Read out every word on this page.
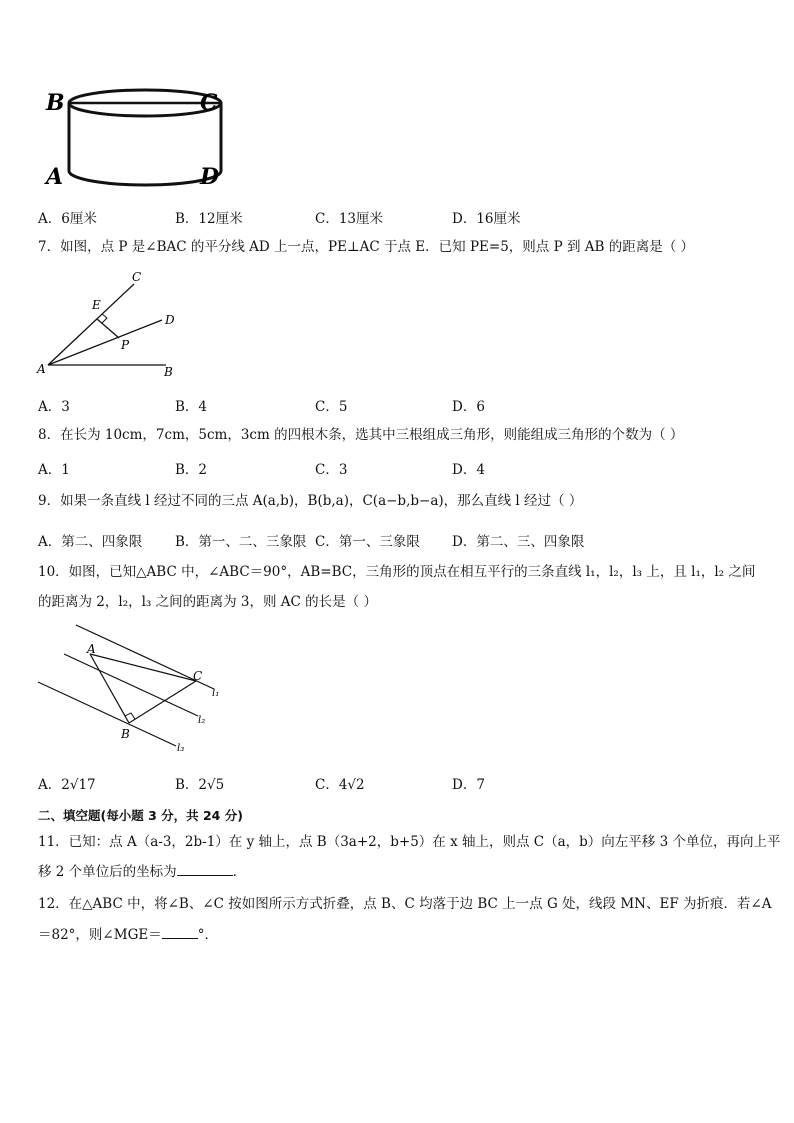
B	C
A	D
A．6厘米	B．12厘米	C．13厘米	D．16厘米
7．如图，点 P 是∠BAC 的平分线 AD 上一点，PE⊥AC 于点 E．已知 PE=5，则点 P 到 AB 的距离是（ ）
C
E
D
P
A	B
A．3	B．4	C．5	D．6
8．在长为 10cm，7cm，5cm，3cm 的四根木条，选其中三根组成三角形，则能组成三角形的个数为（ ）
A．1	B．2	C．3	D．4
9．如果一条直线 l 经过不同的三点 A(a,b)，B(b,a)，C(a−b,b−a)，那么直线 l 经过（ ）
A．第二、四象限 B．第一、二、三象限 C．第一、三象限 D．第二、三、四象限
10．如图，已知△ABC 中，∠ABC＝90°，AB=BC，三角形的顶点在相互平行的三条直线 l₁，l₂，l₃ 上，且 l₁，l₂ 之间
的距离为 2，l₂，l₃ 之间的距离为 3，则 AC 的长是（ ）
A
C
B
l₁
l₂
l₃
A．2√17	B．2√5	C．4√2	D．7
二、填空题(每小题 3 分，共 24 分)
11．已知：点 A（a-3，2b-1）在 y 轴上，点 B（3a+2，b+5）在 x 轴上，则点 C（a，b）向左平移 3 个单位，再向上平
移 2 个单位后的坐标为	．
12．在△ABC 中，将∠B、∠C 按如图所示方式折叠，点 B、C 均落于边 BC 上一点 G 处，线段 MN、EF 为折痕．若∠A
＝82°，则∠MGE＝	°．
